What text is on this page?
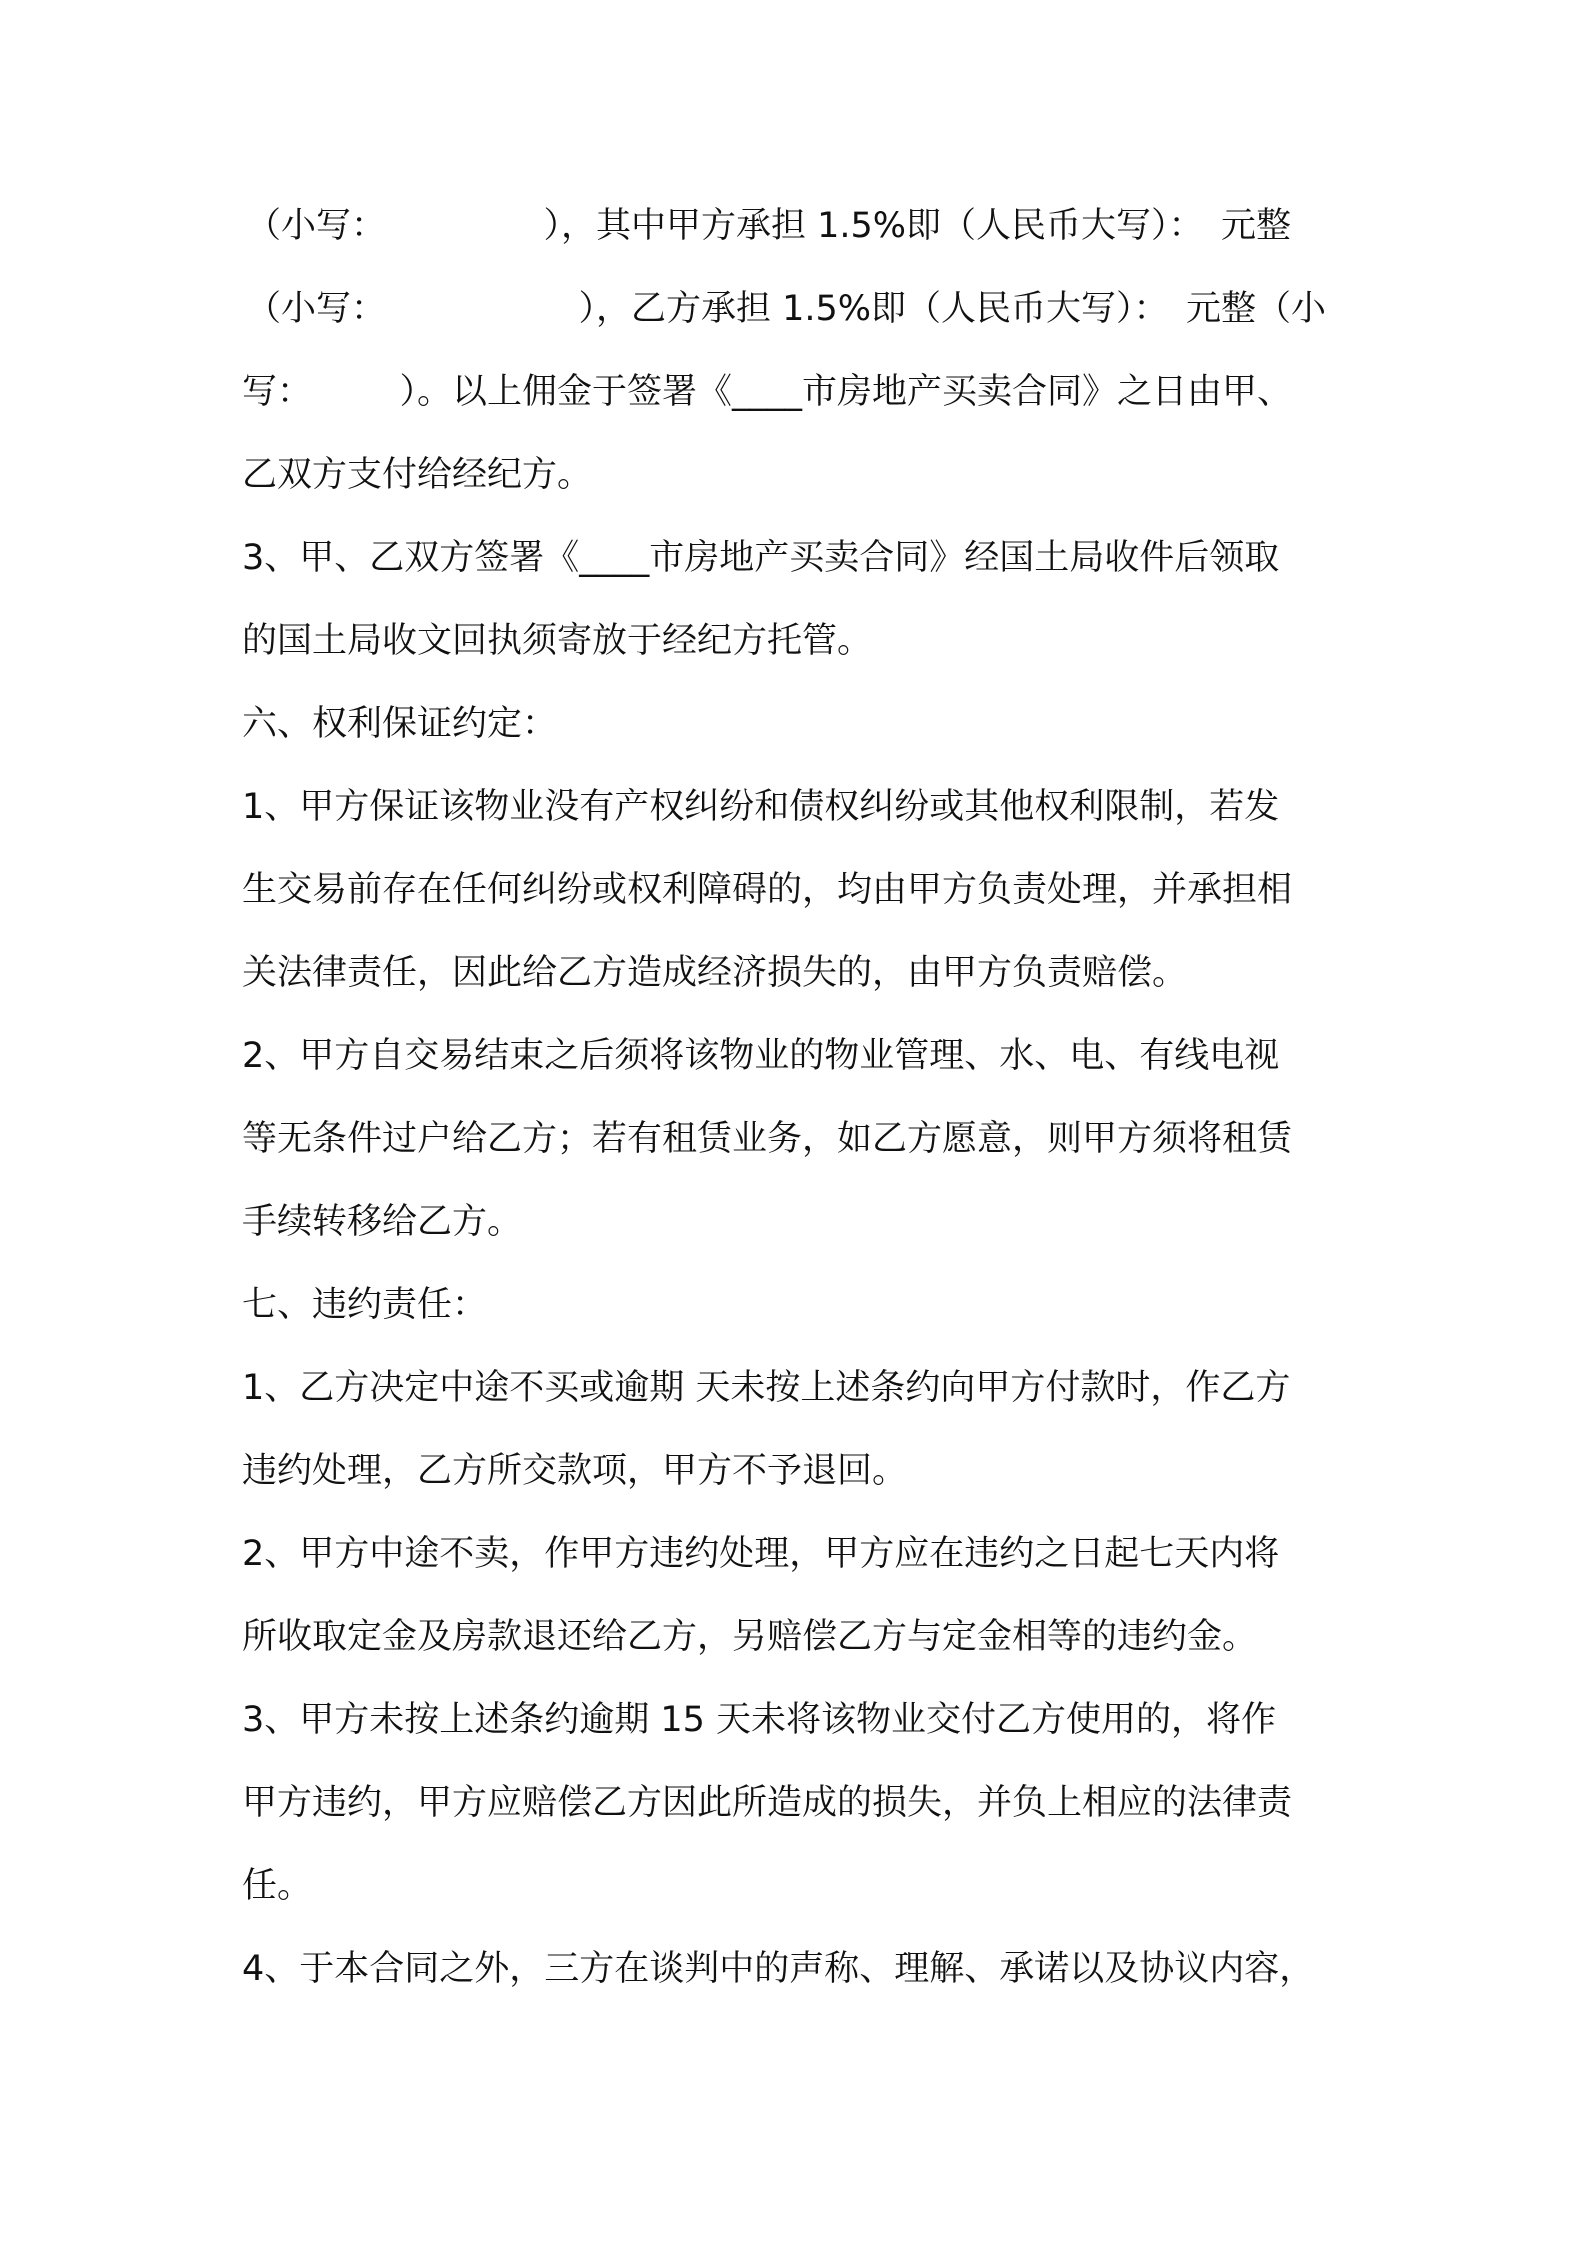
（小写：　　　　　），其中甲方承担 1.5%即（人民币大写）：　元整
（小写：　　　　　　），乙方承担 1.5%即（人民币大写）：　元整（小
写：　　　）。以上佣金于签署《____市房地产买卖合同》之日由甲、
乙双方支付给经纪方。
3、甲、乙双方签署《____市房地产买卖合同》经国土局收件后领取
的国土局收文回执须寄放于经纪方托管。
六、权利保证约定：
1、甲方保证该物业没有产权纠纷和债权纠纷或其他权利限制，若发
生交易前存在任何纠纷或权利障碍的，均由甲方负责处理，并承担相
关法律责任，因此给乙方造成经济损失的，由甲方负责赔偿。
2、甲方自交易结束之后须将该物业的物业管理、水、电、有线电视
等无条件过户给乙方；若有租赁业务，如乙方愿意，则甲方须将租赁
手续转移给乙方。
七、违约责任：
1、乙方决定中途不买或逾期 天未按上述条约向甲方付款时，作乙方
违约处理，乙方所交款项，甲方不予退回。
2、甲方中途不卖，作甲方违约处理，甲方应在违约之日起七天内将
所收取定金及房款退还给乙方，另赔偿乙方与定金相等的违约金。
3、甲方未按上述条约逾期 15 天未将该物业交付乙方使用的，将作
甲方违约，甲方应赔偿乙方因此所造成的损失，并负上相应的法律责
任。
4、于本合同之外，三方在谈判中的声称、理解、承诺以及协议内容，
